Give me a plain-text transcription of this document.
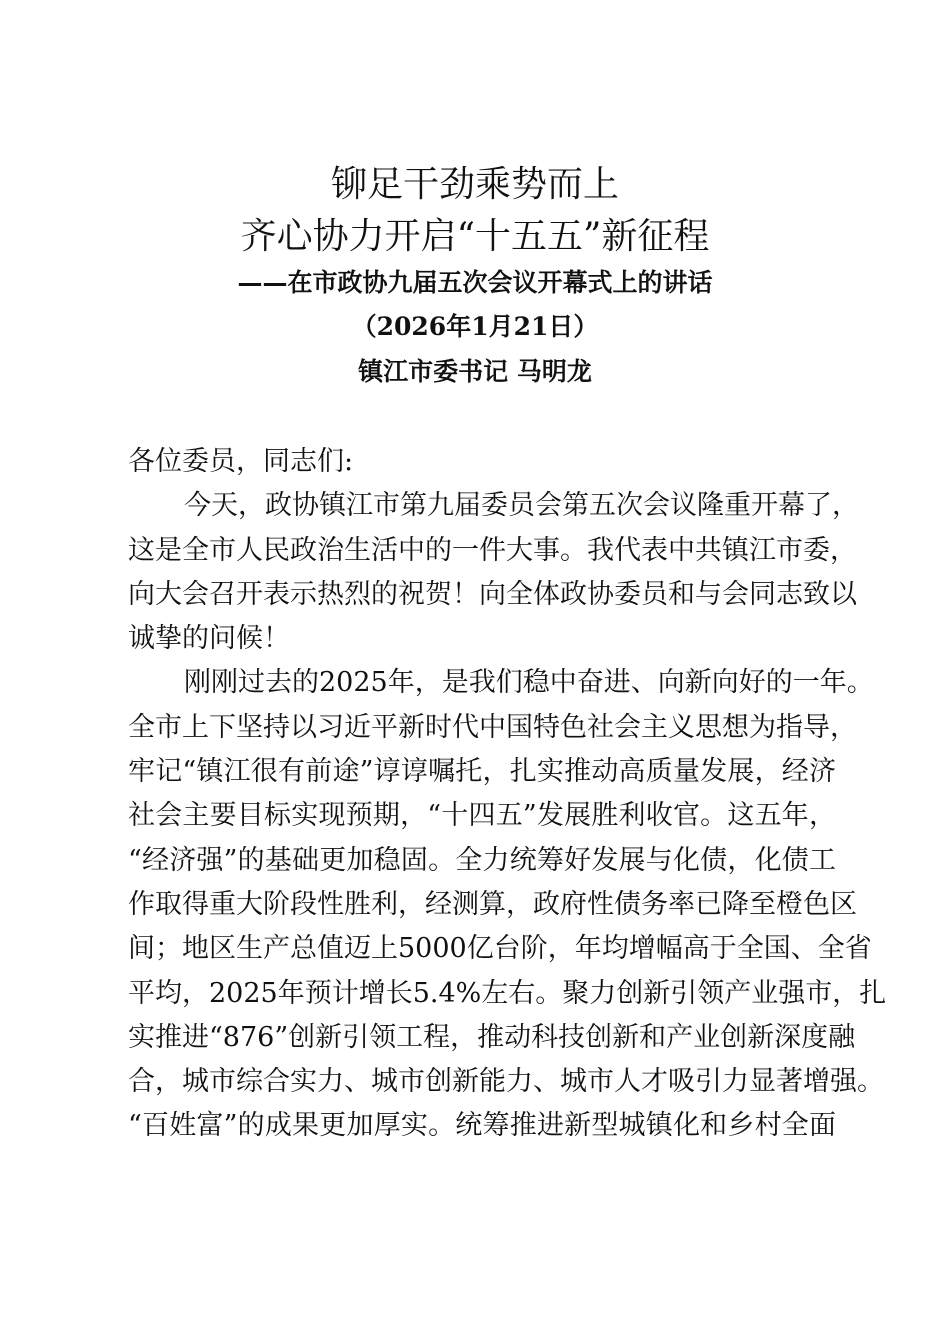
铆足干劲乘势而上
齐心协力开启“十五五”新征程
——在市政协九届五次会议开幕式上的讲话
（2026年1月21日）
镇江市委书记 马明龙
各位委员，同志们:
今天，政协镇江市第九届委员会第五次会议隆重开幕了，
这是全市人民政治生活中的一件大事。我代表中共镇江市委，
向大会召开表示热烈的祝贺！向全体政协委员和与会同志致以
诚挚的问候！
刚刚过去的2025年，是我们稳中奋进、向新向好的一年。
全市上下坚持以习近平新时代中国特色社会主义思想为指导，
牢记“镇江很有前途”谆谆嘱托，扎实推动高质量发展，经济
社会主要目标实现预期，“十四五”发展胜利收官。这五年，
“经济强”的基础更加稳固。全力统筹好发展与化债，化债工
作取得重大阶段性胜利，经测算，政府性债务率已降至橙色区
间；地区生产总值迈上5000亿台阶，年均增幅高于全国、全省
平均，2025年预计增长5.4%左右。聚力创新引领产业强市，扎
实推进“876”创新引领工程，推动科技创新和产业创新深度融
合，城市综合实力、城市创新能力、城市人才吸引力显著增强。
“百姓富”的成果更加厚实。统筹推进新型城镇化和乡村全面
